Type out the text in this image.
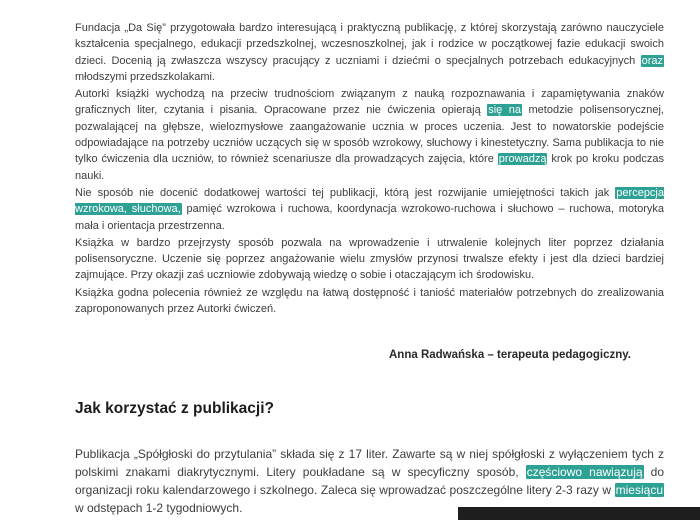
Fundacja „Da Się” przygotowała bardzo interesującą i praktyczną publikację, z której skorzystają zarówno nauczyciele kształcenia specjalnego, edukacji przedszkolnej, wczesnoszkolnej, jak i rodzice w początkowej fazie edukacji swoich dzieci. Docenią ją zwłaszcza wszyscy pracujący z uczniami i dziećmi o specjalnych potrzebach edukacyjnych oraz młodszymi przedszkolakami.

Autorki książki wychodzą na przeciw trudnościom związanym z nauką rozpoznawania i zapamiętywania znaków graficznych liter, czytania i pisania. Opracowane przez nie ćwiczenia opierają się na metodzie polisensorycznej, pozwalającej na głębsze, wielozmysłowe zaangażowanie ucznia w proces uczenia. Jest to nowatorskie podejście odpowiadające na potrzeby uczniów uczących się w sposób wzrokowy, słuchowy i kinestetyczny. Sama publikacja to nie tylko ćwiczenia dla uczniów, to również scenariusze dla prowadzących zajęcia, które prowadzą krok po kroku podczas nauki.

Nie sposób nie docenić dodatkowej wartości tej publikacji, którą jest rozwijanie umiejętności takich jak percepcja wzrokowa, słuchowa, pamięć wzrokowa i ruchowa, koordynacja wzrokowo-ruchowa i słuchowo – ruchowa, motoryka mała i orientacja przestrzenna.

Książka w bardzo przejrzysty sposób pozwala na wprowadzenie i utrwalenie kolejnych liter poprzez działania polisensoryczne. Uczenie się poprzez angażowanie wielu zmysłów przynosi trwalsze efekty i jest dla dzieci bardziej zajmujące. Przy okazji zaś uczniowie zdobywają wiedzę o sobie i otaczającym ich środowisku.

Książka godna polecenia również ze względu na łatwą dostępność i taniość materiałów potrzebnych do zrealizowania zaproponowanych przez Autorki ćwiczeń.

Anna Radwańska – terapeuta pedagogiczny.

Jak korzystać z publikacji?

Publikacja „Spółgłoski do przytulania” składa się z 17 liter. Zawarte są w niej spółgłoski z wyłączeniem tych z polskimi znakami diakrytycznymi. Litery poukładane są w specyficzny sposób, częściowo nawiązują do organizacji roku kalendarzowego i szkolnego. Zaleca się wprowadzać poszczególne litery 2-3 razy w miesiącu w odstępach 1-2 tygodniowych.
